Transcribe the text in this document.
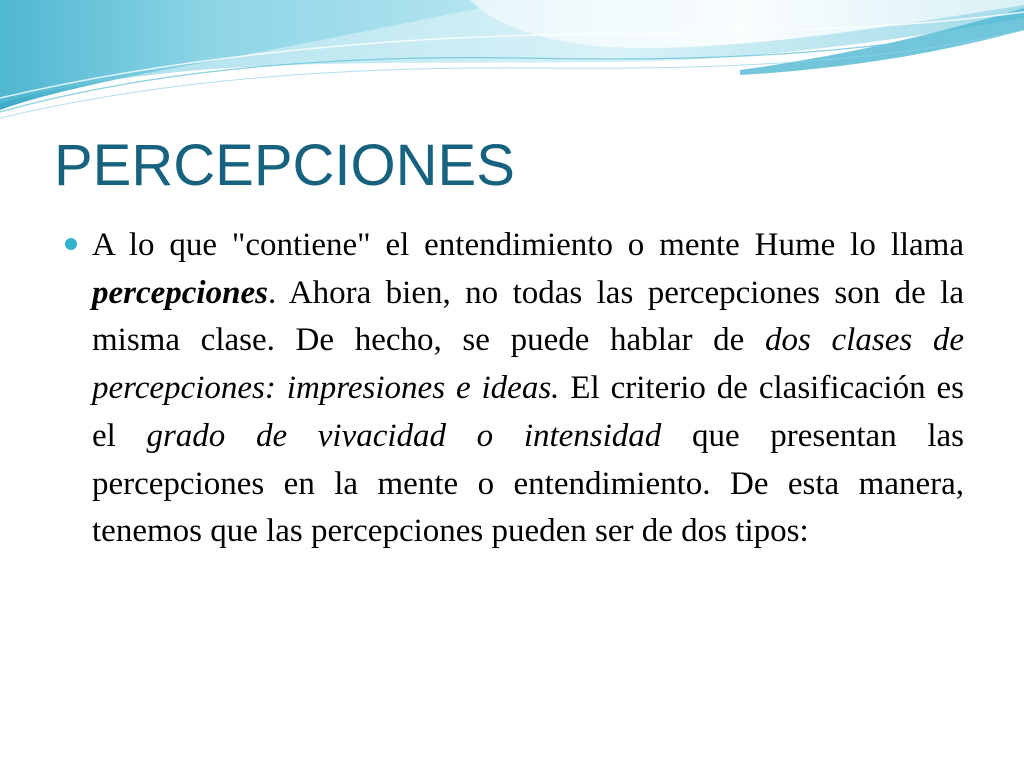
PERCEPCIONES

A lo que "contiene" el entendimiento o mente Hume lo llama percepciones. Ahora bien, no todas las percepciones son de la misma clase. De hecho, se puede hablar de dos clases de percepciones: impresiones e ideas. El criterio de clasificación es el grado de vivacidad o intensidad que presentan las percepciones en la mente o entendimiento. De esta manera, tenemos que las percepciones pueden ser de dos tipos:
